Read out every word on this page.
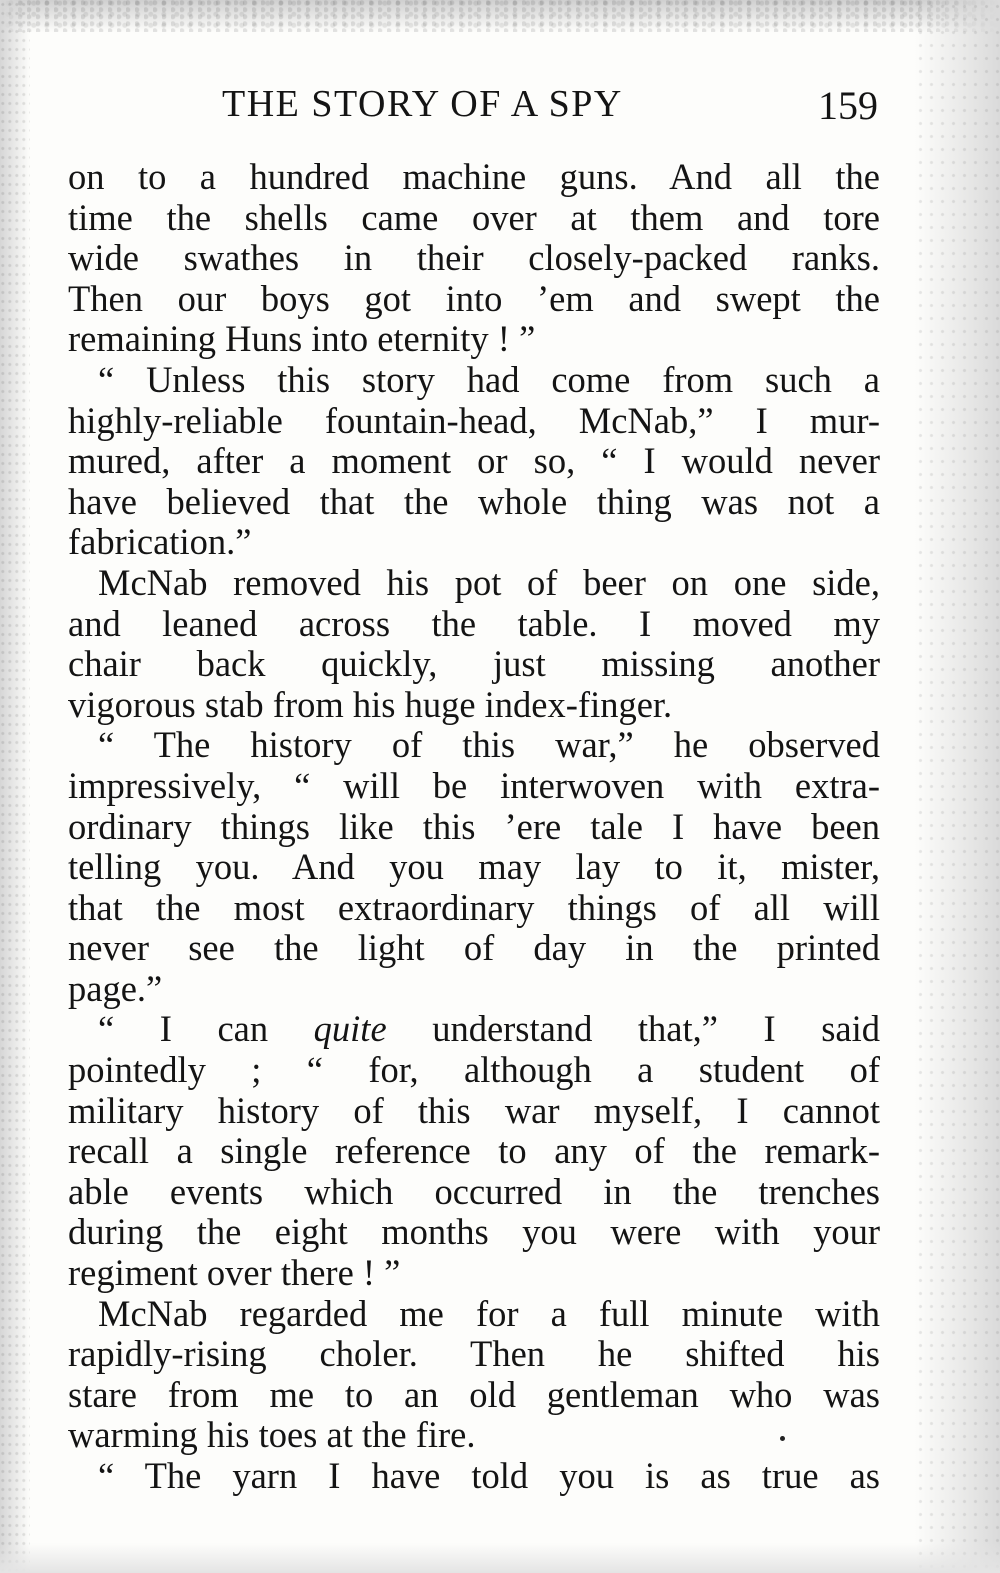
THE STORY OF A SPY	159
on to a hundred machine guns. And all the
time the shells came over at them and tore
wide swathes in their closely-packed ranks.
Then our boys got into ’em and swept the
remaining Huns into eternity ! ”
“ Unless this story had come from such a
highly-reliable fountain-head, McNab,” I mur-
mured, after a moment or so, “ I would never
have believed that the whole thing was not a
fabrication.”
McNab removed his pot of beer on one side,
and leaned across the table. I moved my
chair back quickly, just missing another
vigorous stab from his huge index-finger.
“ The history of this war,” he observed
impressively, “ will be interwoven with extra-
ordinary things like this ’ere tale I have been
telling you. And you may lay to it, mister,
that the most extraordinary things of all will
never see the light of day in the printed
page.”
“ I can quite understand that,” I said
pointedly ; “ for, although a student of
military history of this war myself, I cannot
recall a single reference to any of the remark-
able events which occurred in the trenches
during the eight months you were with your
regiment over there ! ”
McNab regarded me for a full minute with
rapidly-rising choler. Then he shifted his
stare from me to an old gentleman who was
warming his toes at the fire.
“ The yarn I have told you is as true as
